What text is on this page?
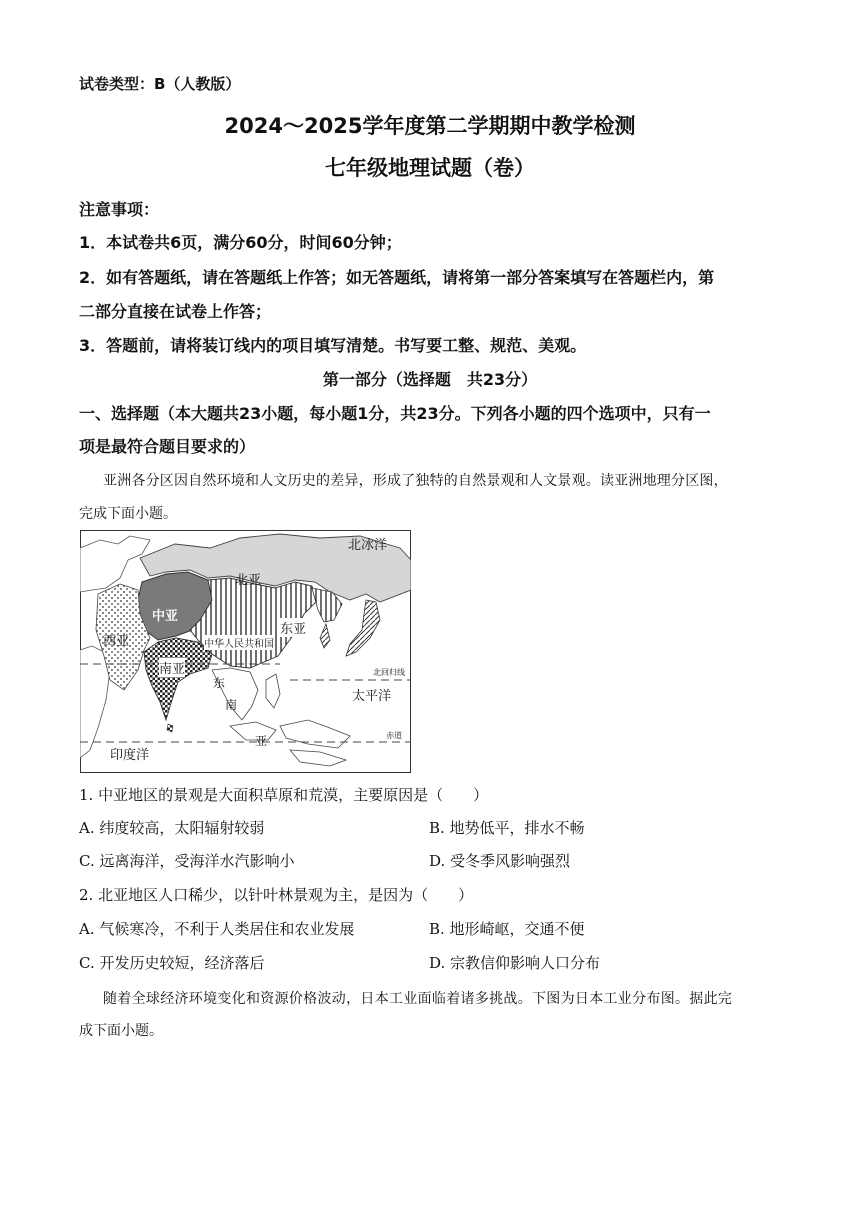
试卷类型：B（人教版）
2024～2025学年度第二学期期中教学检测
七年级地理试题（卷）
注意事项：
1．本试卷共6页，满分60分，时间60分钟；
2．如有答题纸，请在答题纸上作答；如无答题纸，请将第一部分答案填写在答题栏内，第
二部分直接在试卷上作答；
3．答题前，请将装订线内的项目填写清楚。书写要工整、规范、美观。
第一部分（选择题　共23分）
一、选择题（本大题共23小题，每小题1分，共23分。下列各小题的四个选项中，只有一
项是最符合题目要求的）
亚洲各分区因自然环境和人文历史的差异，形成了独特的自然景观和人文景观。读亚洲地理分区图，
完成下面小题。
北冰洋
北亚
中亚
西亚	中华人民共和国
东亚
南亚	北回归线
太平洋
东
南
亚	赤道
印度洋
1. 中亚地区的景观是大面积草原和荒漠，主要原因是（　　）
A. 纬度较高，太阳辐射较弱	B. 地势低平，排水不畅
C. 远离海洋，受海洋水汽影响小	D. 受冬季风影响强烈
2. 北亚地区人口稀少，以针叶林景观为主，是因为（　　）
A. 气候寒冷，不利于人类居住和农业发展	B. 地形崎岖，交通不便
C. 开发历史较短，经济落后	D. 宗教信仰影响人口分布
随着全球经济环境变化和资源价格波动，日本工业面临着诸多挑战。下图为日本工业分布图。据此完
成下面小题。
